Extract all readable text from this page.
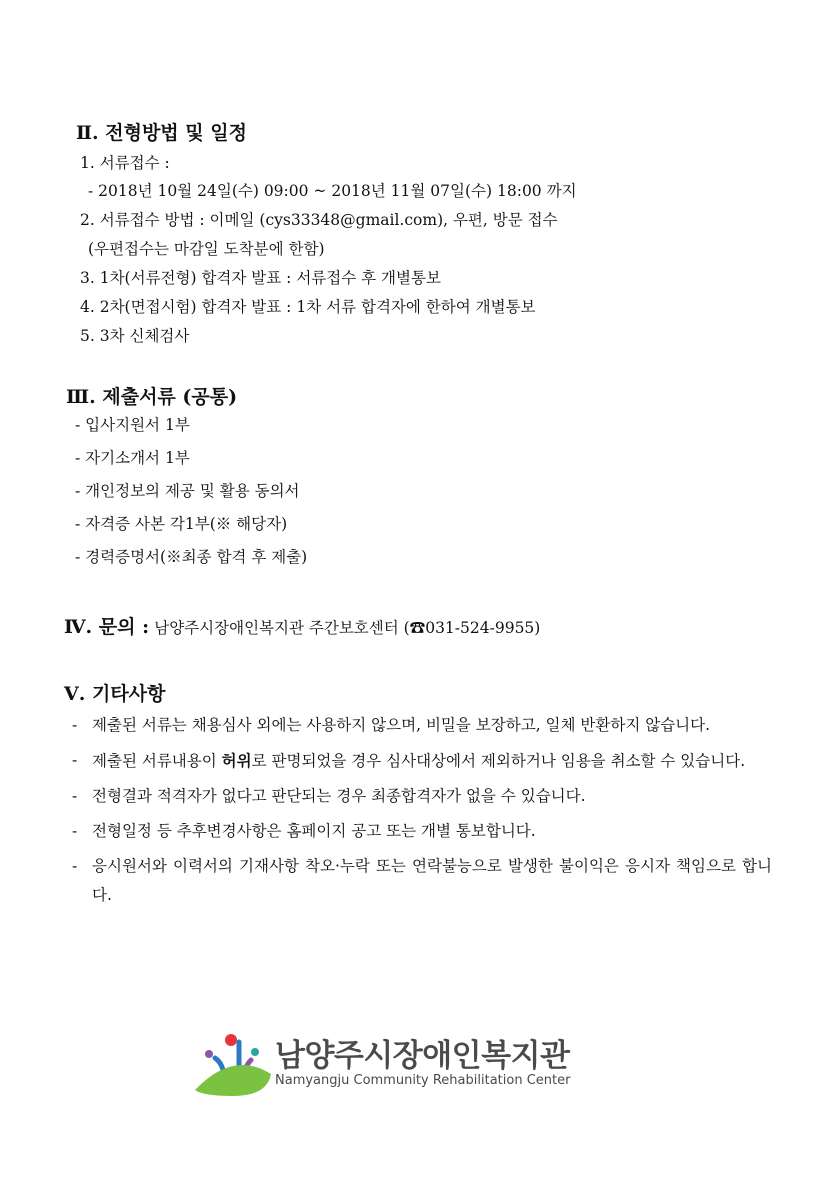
Ⅱ. 전형방법 및 일정
1. 서류접수 :
- 2018년 10월 24일(수) 09:00 ~ 2018년 11월 07일(수) 18:00 까지
2. 서류접수 방법 : 이메일 (cys33348@gmail.com), 우편, 방문 접수
(우편접수는 마감일 도착분에 한함)
3. 1차(서류전형) 합격자 발표 : 서류접수 후 개별통보
4. 2차(면접시험) 합격자 발표 : 1차 서류 합격자에 한하여 개별통보
5. 3차 신체검사
Ⅲ. 제출서류 (공통)
- 입사지원서 1부
- 자기소개서 1부
- 개인정보의 제공 및 활용 동의서
- 자격증 사본 각1부(※ 해당자)
- 경력증명서(※최종 합격 후 제출)
Ⅳ. 문의 : 남양주시장애인복지관 주간보호센터 (☎031-524-9955)
Ⅴ. 기타사항
- 제출된 서류는 채용심사 외에는 사용하지 않으며, 비밀을 보장하고, 일체 반환하지 않습니다.
- 제출된 서류내용이 허위로 판명되었을 경우 심사대상에서 제외하거나 임용을 취소할 수 있습니다.
- 전형결과 적격자가 없다고 판단되는 경우 최종합격자가 없을 수 있습니다.
- 전형일정 등 추후변경사항은 홈페이지 공고 또는 개별 통보합니다.
- 응시원서와 이력서의 기재사항 착오·누락 또는 연락불능으로 발생한 불이익은 응시자 책임으로 합니다.
남양주시장애인복지관
Namyangju Community Rehabilitation Center
